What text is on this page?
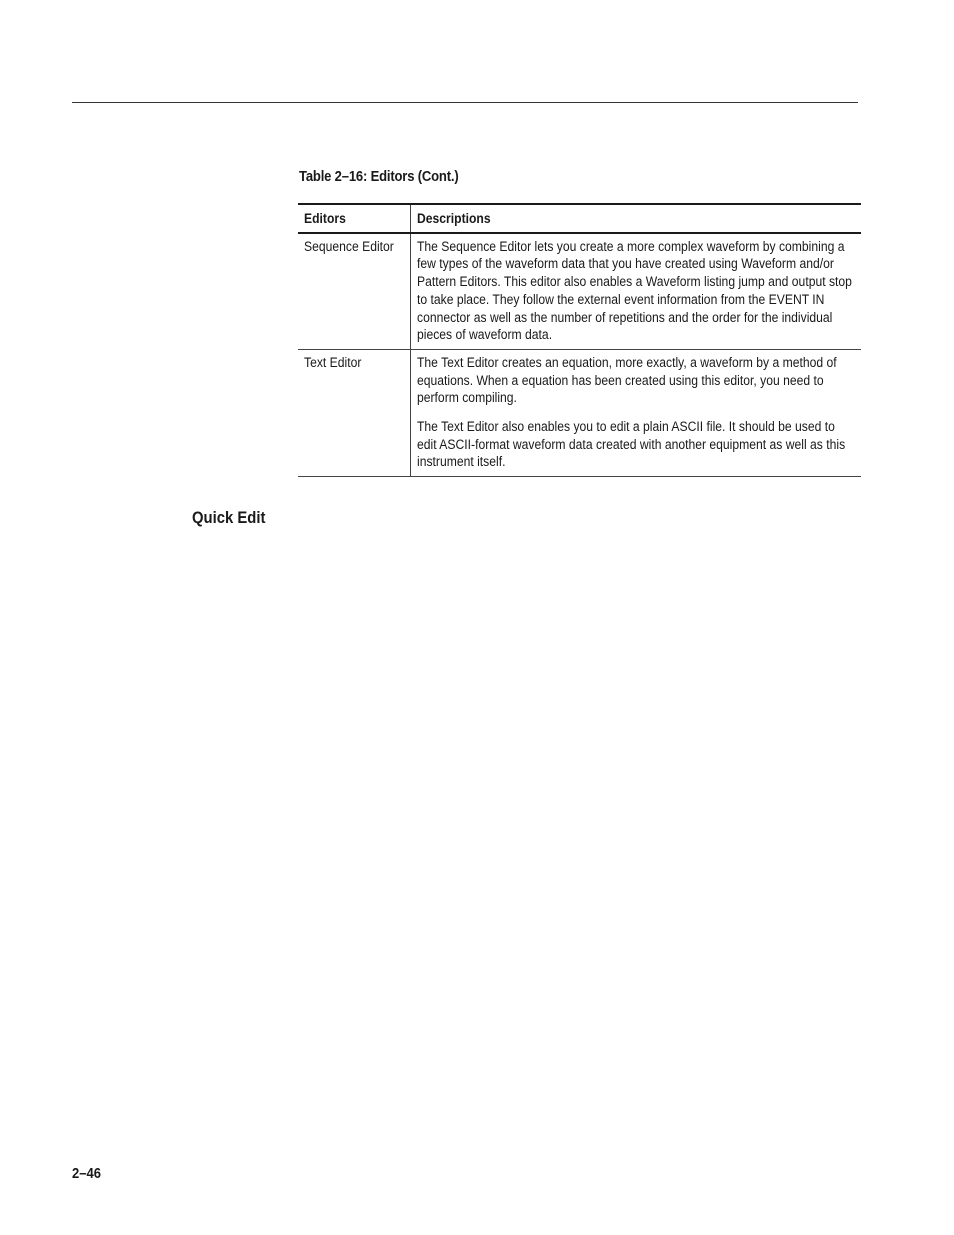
Table 2–16: Editors (Cont.)
Editors	Descriptions

Sequence Editor	The Sequence Editor lets you create a more complex waveform by combining a few types of the waveform data that you have created using Waveform and/or Pattern Editors. This editor also enables a Waveform listing jump and output stop to take place. They follow the external event information from the EVENT IN connector as well as the number of repetitions and the order for the individual pieces of waveform data.

Text Editor	The Text Editor creates an equation, more exactly, a waveform by a method of equations. When a equation has been created using this editor, you need to perform compiling.
The Text Editor also enables you to edit a plain ASCII file. It should be used to edit ASCII-format waveform data created with another equipment as well as this instrument itself.
Quick Edit
2–46
